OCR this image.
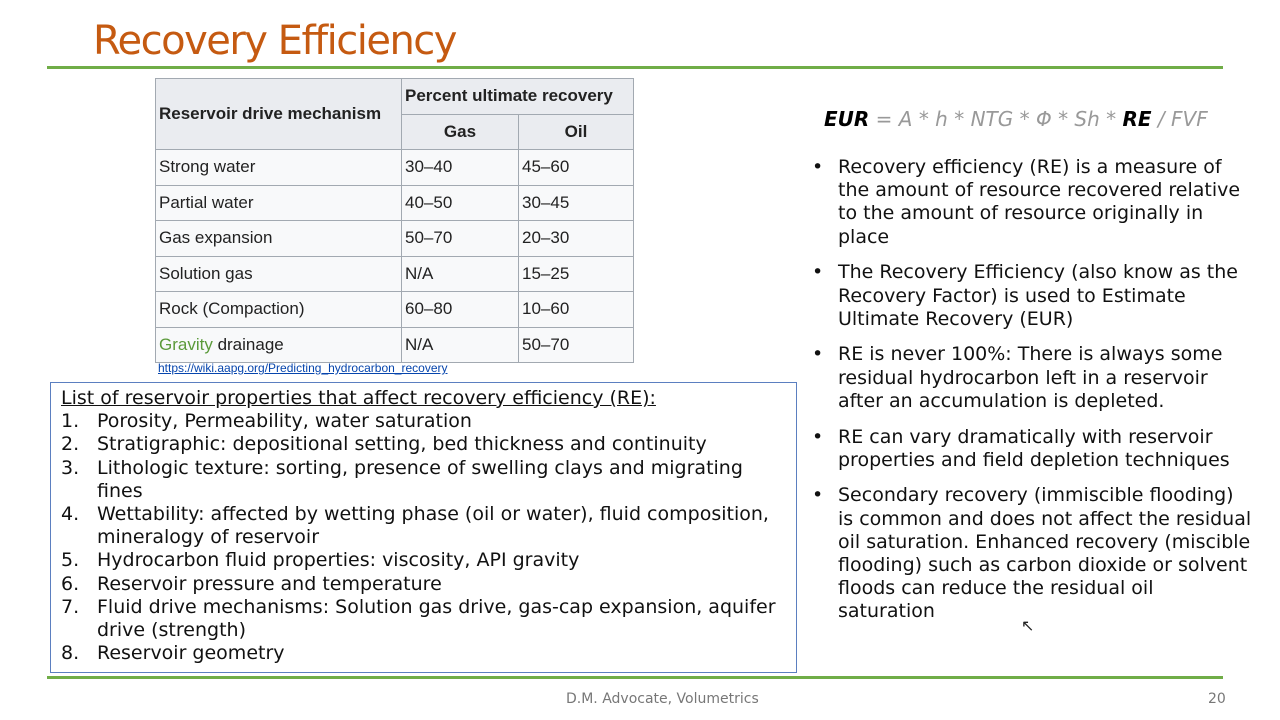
Recovery Efficiency
Reservoir drive mechanism	Percent ultimate recovery	
	Gas	Oil
Strong water	30–40	45–60
Partial water	40–50	30–45
Gas expansion	50–70	20–30
Solution gas	N/A	15–25
Rock (Compaction)	60–80	10–60
Gravity drainage	N/A	50–70
https://wiki.aapg.org/Predicting_hydrocarbon_recovery
List of reservoir properties that affect recovery efficiency (RE):
1. Porosity, Permeability, water saturation
2. Stratigraphic: depositional setting, bed thickness and continuity
3. Lithologic texture: sorting, presence of swelling clays and migrating fines
4. Wettability: affected by wetting phase (oil or water), fluid composition, mineralogy of reservoir
5. Hydrocarbon fluid properties: viscosity, API gravity
6. Reservoir pressure and temperature
7. Fluid drive mechanisms: Solution gas drive, gas-cap expansion, aquifer drive (strength)
8. Reservoir geometry
EUR = A * h * NTG * Φ * Sh * RE / FVF
• Recovery efficiency (RE) is a measure of the amount of resource recovered relative to the amount of resource originally in place
• The Recovery Efficiency (also know as the Recovery Factor) is used to Estimate Ultimate Recovery (EUR)
• RE is never 100%: There is always some residual hydrocarbon left in a reservoir after an accumulation is depleted.
• RE can vary dramatically with reservoir properties and field depletion techniques
• Secondary recovery (immiscible flooding) is common and does not affect the residual oil saturation. Enhanced recovery (miscible flooding) such as carbon dioxide or solvent floods can reduce the residual oil saturation
D.M. Advocate, Volumetrics	20
↖
